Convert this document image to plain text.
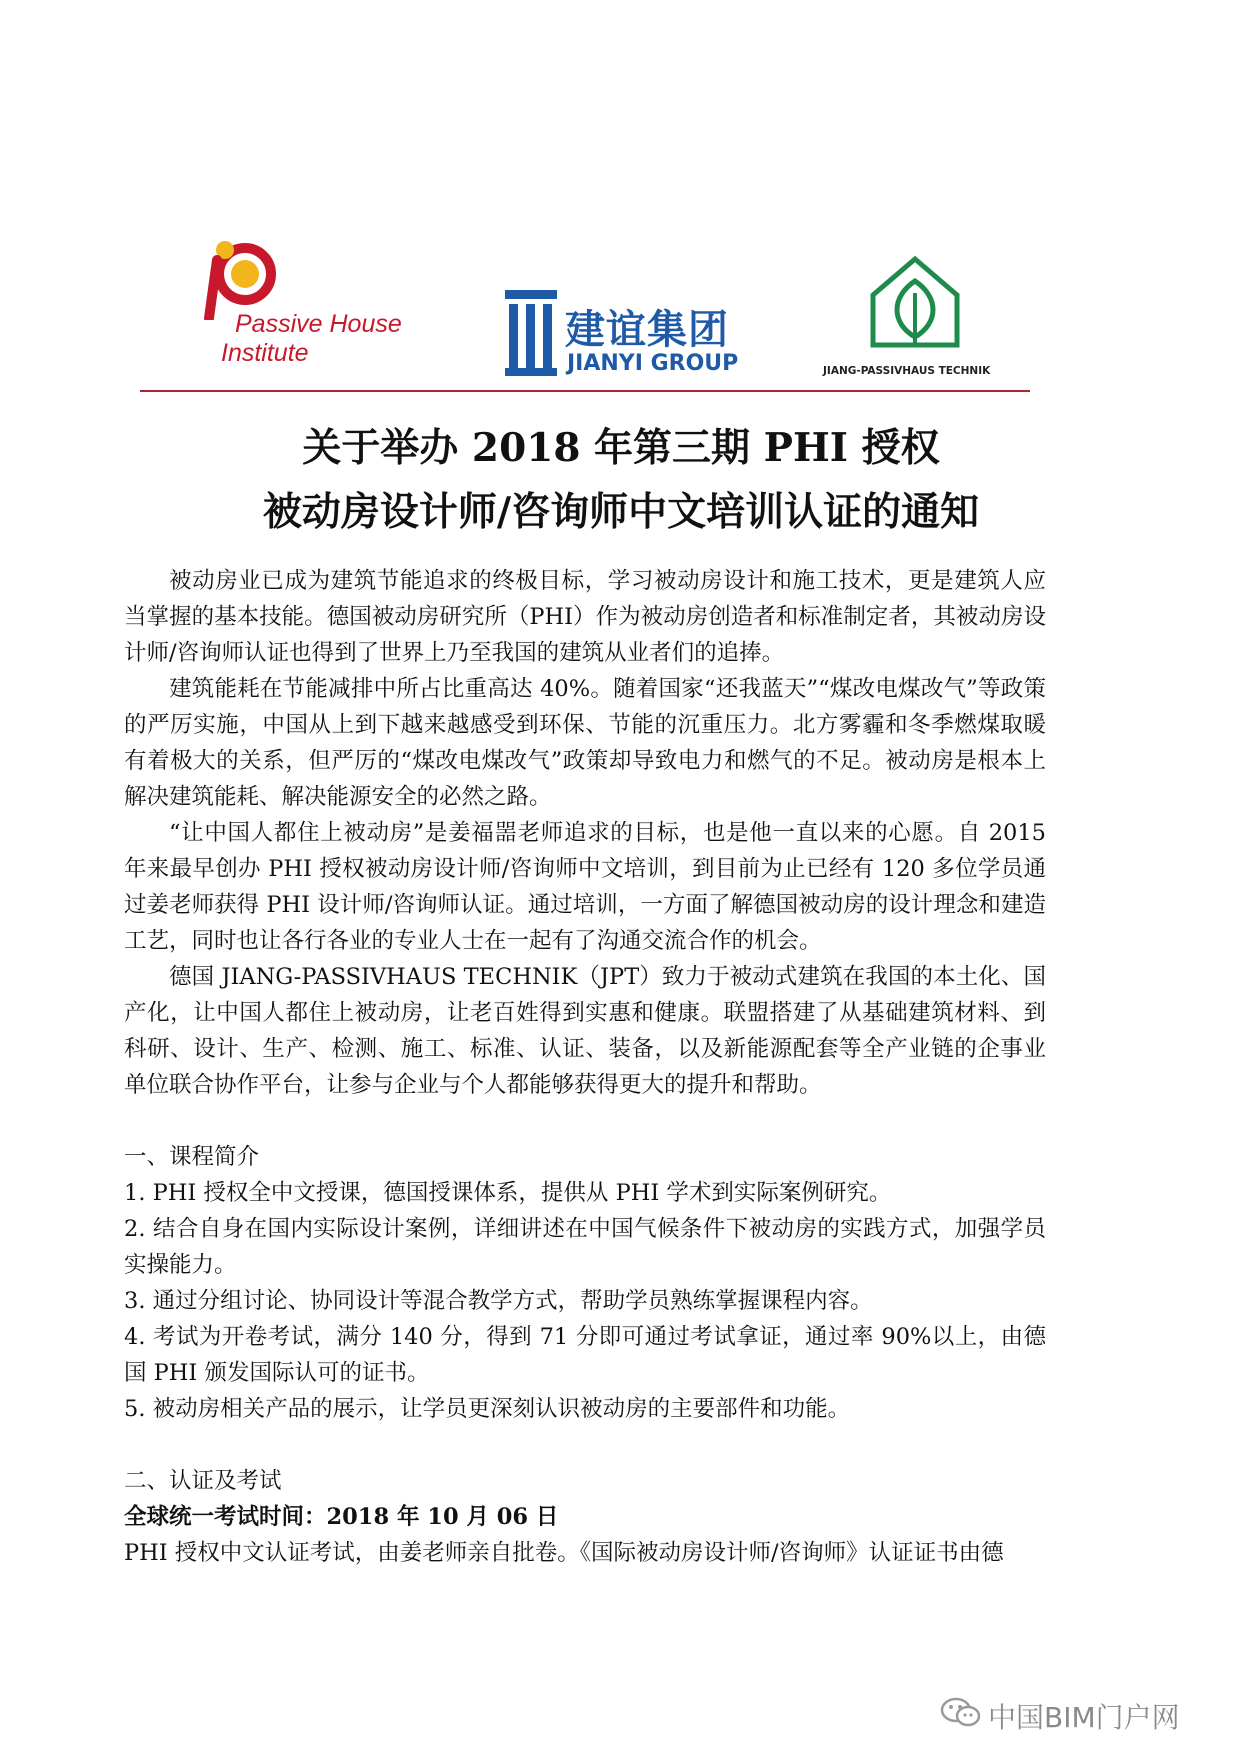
Passive House
Institute	建谊集团
JIANYI GROUP	JIANG-PASSIVHAUS TECHNIK
关于举办 2018 年第三期 PHI 授权
被动房设计师/咨询师中文培训认证的通知

被动房业已成为建筑节能追求的终极目标，学习被动房设计和施工技术，更是建筑人应当掌握的基本技能。德国被动房研究所（PHI）作为被动房创造者和标准制定者，其被动房设计师/咨询师认证也得到了世界上乃至我国的建筑从业者们的追捧。

建筑能耗在节能减排中所占比重高达 40%。随着国家“还我蓝天”“煤改电煤改气”等政策的严厉实施，中国从上到下越来越感受到环保、节能的沉重压力。北方雾霾和冬季燃煤取暖有着极大的关系，但严厉的“煤改电煤改气”政策却导致电力和燃气的不足。被动房是根本上解决建筑能耗、解决能源安全的必然之路。

“让中国人都住上被动房”是姜福噐老师追求的目标，也是他一直以来的心愿。自 2015 年来最早创办 PHI 授权被动房设计师/咨询师中文培训，到目前为止已经有 120 多位学员通过姜老师获得 PHI 设计师/咨询师认证。通过培训，一方面了解德国被动房的设计理念和建造工艺，同时也让各行各业的专业人士在一起有了沟通交流合作的机会。

德国 JIANG-PASSIVHAUS TECHNIK（JPT）致力于被动式建筑在我国的本土化、国产化，让中国人都住上被动房，让老百姓得到实惠和健康。联盟搭建了从基础建筑材料、到科研、设计、生产、检测、施工、标准、认证、装备，以及新能源配套等全产业链的企事业单位联合协作平台，让参与企业与个人都能够获得更大的提升和帮助。

一、课程简介

1. PHI 授权全中文授课，德国授课体系，提供从 PHI 学术到实际案例研究。

2. 结合自身在国内实际设计案例，详细讲述在中国气候条件下被动房的实践方式，加强学员实操能力。

3. 通过分组讨论、协同设计等混合教学方式，帮助学员熟练掌握课程内容。

4. 考试为开卷考试，满分 140 分，得到 71 分即可通过考试拿证，通过率 90%以上，由德国 PHI 颁发国际认可的证书。

5. 被动房相关产品的展示，让学员更深刻认识被动房的主要部件和功能。

二、认证及考试

全球统一考试时间：2018 年 10 月 06 日

PHI 授权中文认证考试，由姜老师亲自批卷。《国际被动房设计师/咨询师》认证证书由德

中国BIM门户网
